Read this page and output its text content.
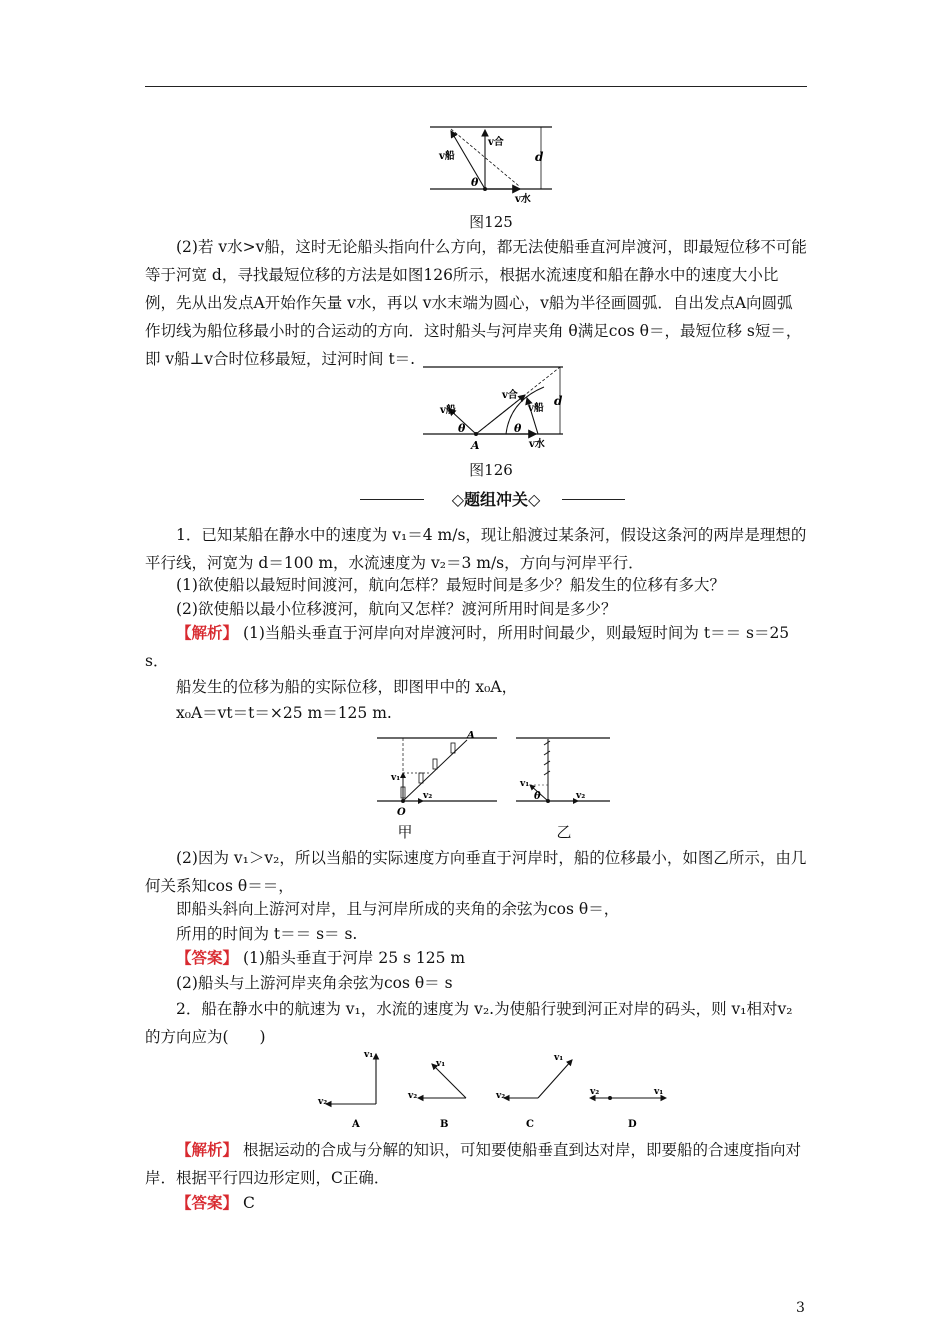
v合
v船	d
θ
v水
图125
(2)若 v水>v船，这时无论船头指向什么方向，都无法使船垂直河岸渡河，即最短位移不可能等于河宽 d，寻找最短位移的方法是如图126所示，根据水流速度和船在静水中的速度大小比例，先从出发点A开始作矢量 v水，再以 v水末端为圆心，v船为半径画圆弧．自出发点A向圆弧作切线为船位移最小时的合运动的方向．这时船头与河岸夹角 θ满足cos θ＝，最短位移 s短＝，即 v船⊥v合时位移最短，过河时间 t＝.
v合
v船	v船
d
θ	θ
A	v水
图126
◇题组冲关◇
1．已知某船在静水中的速度为 v₁＝4 m/s，现让船渡过某条河，假设这条河的两岸是理想的平行线，河宽为 d＝100 m，水流速度为 v₂＝3 m/s，方向与河岸平行．
(1)欲使船以最短时间渡河，航向怎样？最短时间是多少？船发生的位移有多大？
(2)欲使船以最小位移渡河，航向又怎样？渡河所用时间是多少？
【解析】 (1)当船头垂直于河岸向对岸渡河时，所用时间最少，则最短时间为 t＝＝ s＝25 s．
船发生的位移为船的实际位移，即图甲中的 x₀A，
x₀A＝vt＝t＝×25 m＝125 m.
A
O
v₁
v₂
甲
v₁
θ	v₂
乙
(2)因为 v₁＞v₂，所以当船的实际速度方向垂直于河岸时，船的位移最小，如图乙所示，由几何关系知cos θ＝＝，
即船头斜向上游河对岸，且与河岸所成的夹角的余弦为cos θ＝，
所用的时间为 t＝＝ s＝ s.
【答案】 (1)船头垂直于河岸 25 s 125 m
(2)船头与上游河岸夹角余弦为cos θ＝ s
2．船在静水中的航速为 v₁，水流的速度为 v₂.为使船行驶到河正对岸的码头，则 v₁相对v₂的方向应为(　　)
v₁
v₂
A
v₁
v₂
B
v₁
v₂
C
v₁
v₂
D
【解析】 根据运动的合成与分解的知识，可知要使船垂直到达对岸，即要船的合速度指向对岸．根据平行四边形定则，C正确．
【答案】 C
3
